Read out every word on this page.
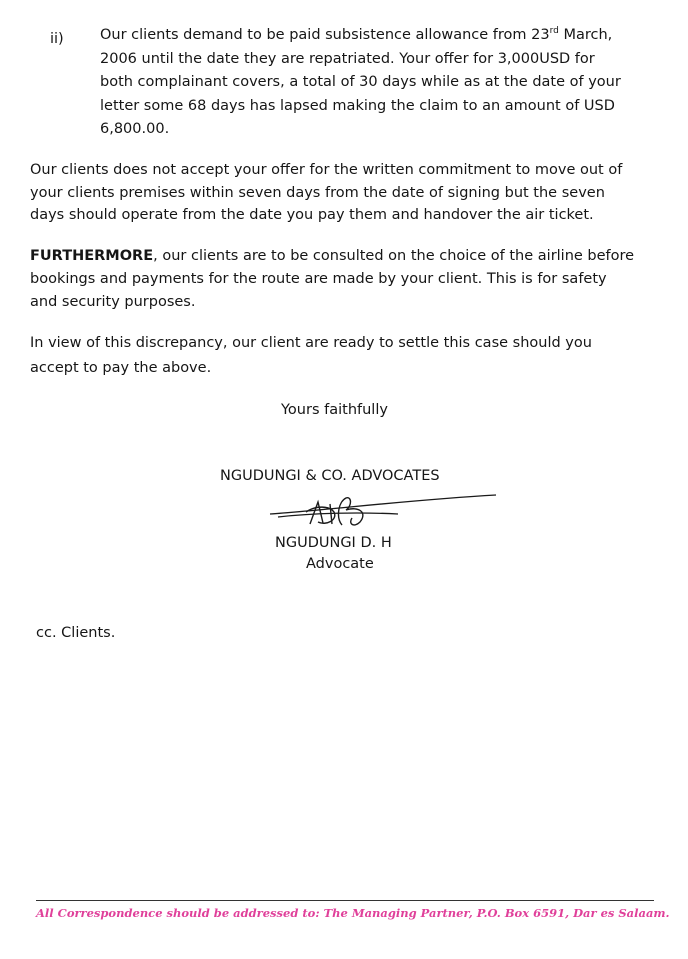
ii)	Our clients demand to be paid subsistence allowance from 23rd March,
2006 until the date they are repatriated. Your offer for 3,000USD for
both complainant covers, a total of 30 days while as at the date of your
letter some 68 days has lapsed making the claim to an amount of USD
6,800.00.
Our clients does not accept your offer for the written commitment to move out of
your clients premises within seven days from the date of signing but the seven
days should operate from the date you pay them and handover the air ticket.
FURTHERMORE, our clients are to be consulted on the choice of the airline before
bookings and payments for the route are made by your client. This is for safety
and security purposes.
In view of this discrepancy, our client are ready to settle this case should you
accept to pay the above.
Yours faithfully
NGUDUNGI & CO. ADVOCATES
NGUDUNGI D. H
Advocate
cc. Clients.
All Correspondence should be addressed to: The Managing Partner, P.O. Box 6591, Dar es Salaam.
